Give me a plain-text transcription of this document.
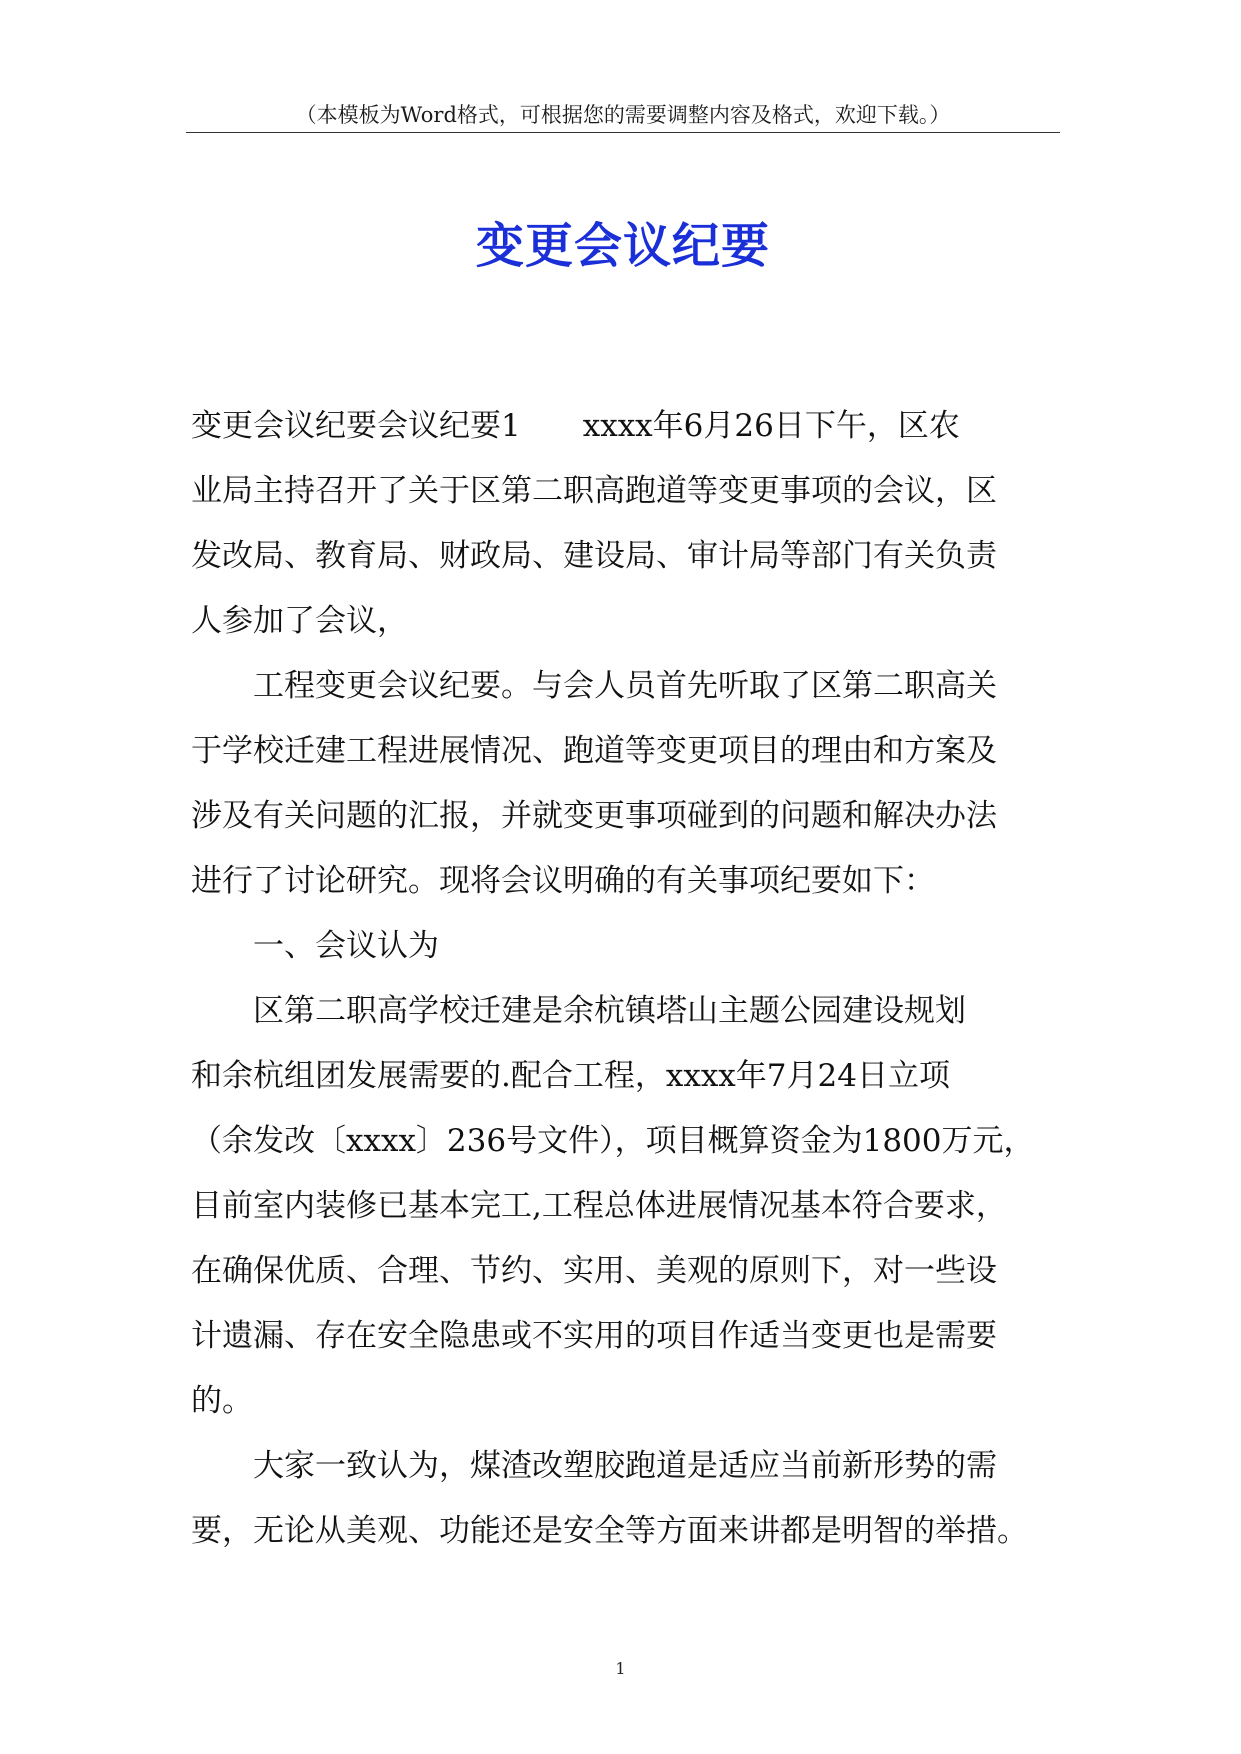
（本模板为Word格式，可根据您的需要调整内容及格式，欢迎下载。）
变更会议纪要
变更会议纪要会议纪要1　　xxxx年6月26日下午，区农
业局主持召开了关于区第二职高跑道等变更事项的会议，区
发改局、教育局、财政局、建设局、审计局等部门有关负责
人参加了会议，
　　工程变更会议纪要。与会人员首先听取了区第二职高关
于学校迁建工程进展情况、跑道等变更项目的理由和方案及
涉及有关问题的汇报，并就变更事项碰到的问题和解决办法
进行了讨论研究。现将会议明确的有关事项纪要如下：
　　一、会议认为
　　区第二职高学校迁建是余杭镇塔山主题公园建设规划
和余杭组团发展需要的.配合工程，xxxx年7月24日立项
（余发改〔xxxx〕236号文件），项目概算资金为1800万元，
目前室内装修已基本完工,工程总体进展情况基本符合要求，
在确保优质、合理、节约、实用、美观的原则下，对一些设
计遗漏、存在安全隐患或不实用的项目作适当变更也是需要
的。
　　大家一致认为，煤渣改塑胶跑道是适应当前新形势的需
要，无论从美观、功能还是安全等方面来讲都是明智的举措。
1
